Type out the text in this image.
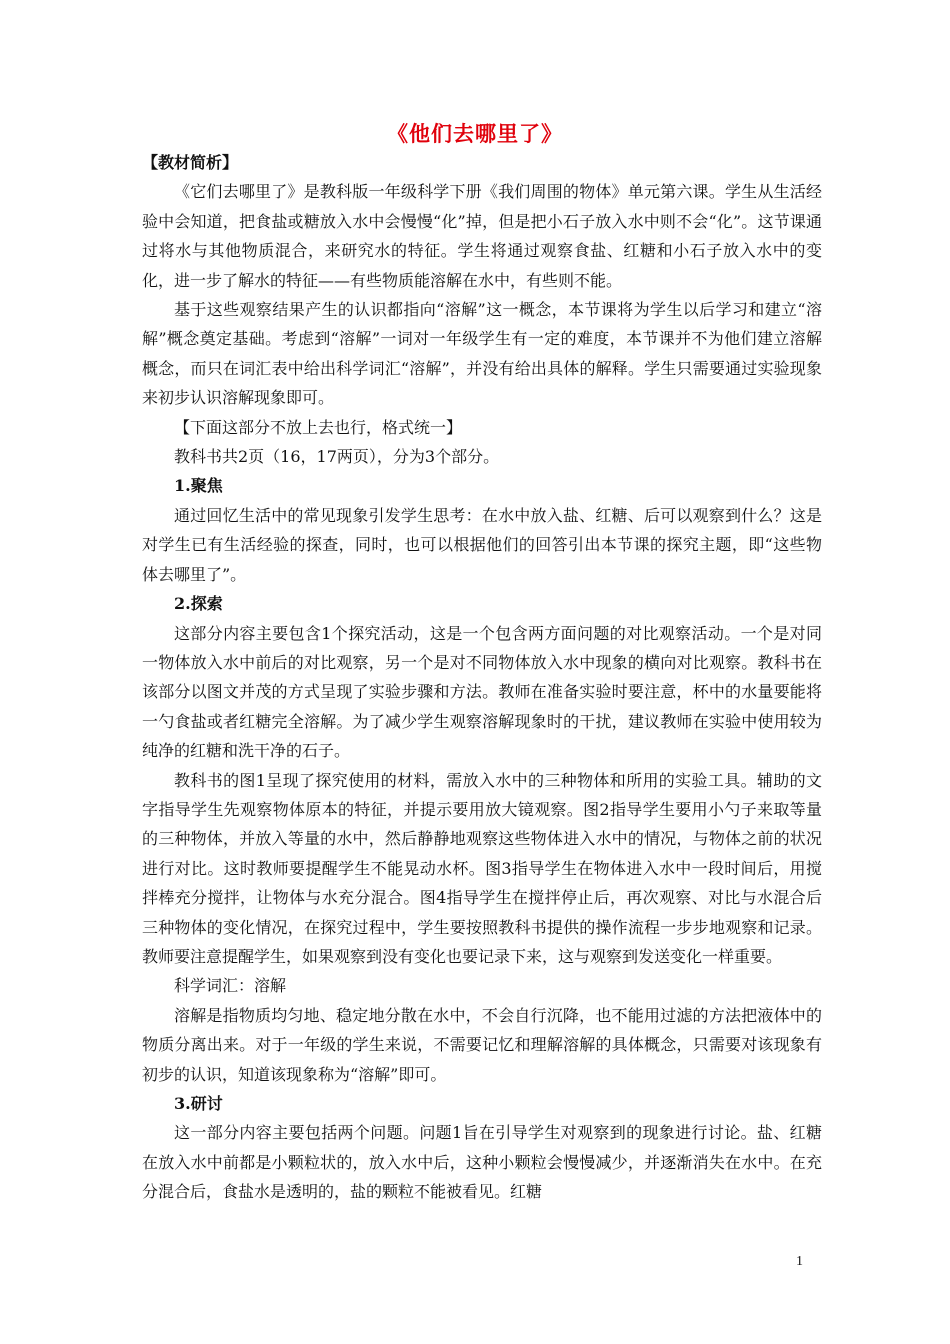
《他们去哪里了》

【教材简析】

《它们去哪里了》是教科版一年级科学下册《我们周围的物体》单元第六课。学生从生活经验中会知道，把食盐或糖放入水中会慢慢“化”掉，但是把小石子放入水中则不会“化”。这节课通过将水与其他物质混合，来研究水的特征。学生将通过观察食盐、红糖和小石子放入水中的变化，进一步了解水的特征——有些物质能溶解在水中，有些则不能。

基于这些观察结果产生的认识都指向“溶解”这一概念，本节课将为学生以后学习和建立“溶解”概念奠定基础。考虑到“溶解”一词对一年级学生有一定的难度，本节课并不为他们建立溶解概念，而只在词汇表中给出科学词汇“溶解”，并没有给出具体的解释。学生只需要通过实验现象来初步认识溶解现象即可。

【下面这部分不放上去也行，格式统一】

教科书共2页（16，17两页），分为3个部分。

1.聚焦

通过回忆生活中的常见现象引发学生思考：在水中放入盐、红糖、后可以观察到什么？这是对学生已有生活经验的探查，同时，也可以根据他们的回答引出本节课的探究主题，即“这些物体去哪里了”。

2.探索

这部分内容主要包含1个探究活动，这是一个包含两方面问题的对比观察活动。一个是对同一物体放入水中前后的对比观察，另一个是对不同物体放入水中现象的横向对比观察。教科书在该部分以图文并茂的方式呈现了实验步骤和方法。教师在准备实验时要注意，杯中的水量要能将一勺食盐或者红糖完全溶解。为了减少学生观察溶解现象时的干扰，建议教师在实验中使用较为纯净的红糖和洗干净的石子。

教科书的图1呈现了探究使用的材料，需放入水中的三种物体和所用的实验工具。辅助的文字指导学生先观察物体原本的特征，并提示要用放大镜观察。图2指导学生要用小勺子来取等量的三种物体，并放入等量的水中，然后静静地观察这些物体进入水中的情况，与物体之前的状况进行对比。这时教师要提醒学生不能晃动水杯。图3指导学生在物体进入水中一段时间后，用搅拌棒充分搅拌，让物体与水充分混合。图4指导学生在搅拌停止后，再次观察、对比与水混合后三种物体的变化情况，在探究过程中，学生要按照教科书提供的操作流程一步步地观察和记录。教师要注意提醒学生，如果观察到没有变化也要记录下来，这与观察到发送变化一样重要。

科学词汇：溶解

溶解是指物质均匀地、稳定地分散在水中，不会自行沉降，也不能用过滤的方法把液体中的物质分离出来。对于一年级的学生来说，不需要记忆和理解溶解的具体概念，只需要对该现象有初步的认识，知道该现象称为“溶解”即可。

3.研讨

这一部分内容主要包括两个问题。问题1旨在引导学生对观察到的现象进行讨论。盐、红糖在放入水中前都是小颗粒状的，放入水中后，这种小颗粒会慢慢减少，并逐渐消失在水中。在充分混合后，食盐水是透明的，盐的颗粒不能被看见。红糖

1
